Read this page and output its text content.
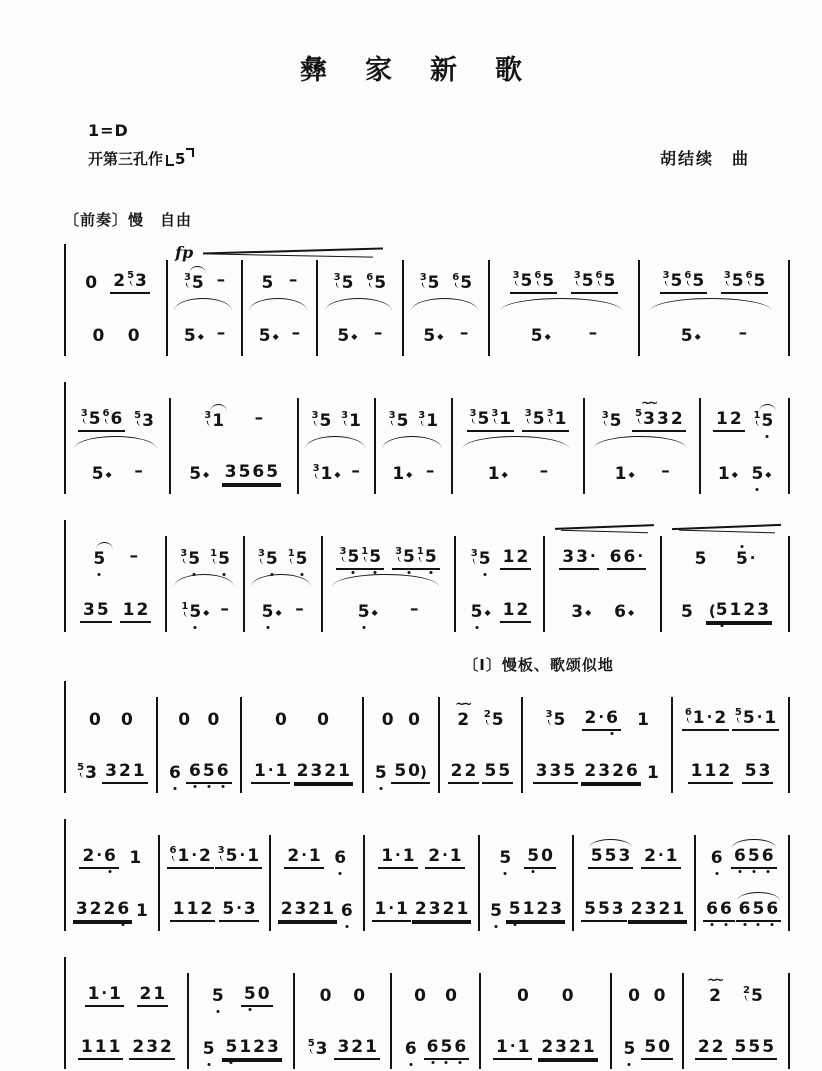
彝家新歌
1=D
开第三孔作 5	胡结续　曲
〔前奏〕慢　自由
0 2 5 3
0 0
fp
3 5 –
5 ◆ –
5 –
5 ◆ –
3 5 6 5
5 ◆ –
3 5 6 5
5 ◆ –
3 5 6 5 3 5 6 5
5 ◆ –
3 5 6 5 3 5 6 5
5 ◆ –
3 5 6 6 5 3
5 ◆ –
3 1 –
5 ◆ 3 5 6 5
3 5 3 1
3 1 ◆ –
3 5 3 1
1 ◆ –
3 5 3 1 3 5 3 1
1 ◆ –
3 5 5 ~~ 3 3 2
1 ◆ –
1 2 1 5
1 ◆ 5 ◆
5 –
3 5 1 2
3 5 1 5
1 5 ◆ –
3 5 1 5
5 ◆ –
3 5 1 5 3 5 1 5
5 ◆ –
3 5 1 2
5 ◆ 1 2
3 3 · 6 6 ·
3 ◆ 6 ◆
5 5 ·
5 ( 5 1 2 3
〔Ⅰ〕慢板、歌颂似地
0 0
5 3 3 2 1
0 0
6 6 5 6
0 0
1 · 1 2 3 2 1
0 0
5 5 0 )
~~ 2 2 5
2 2 5 5
3 5 2 · 6 1
3 3 5 2 3 2 6 1
6 1 · 2 5 5 · 1
1 1 2 5 3
2 · 6 1
3 2 2 6 1
6 1 · 2 3 5 · 1
1 1 2 5 · 3
2 · 1 6
2 3 2 1 6
1 · 1 2 · 1
1 · 1 2 3 2 1
5 5 0
5 5 1 2 3
5 5 3 2 · 1
5 5 3 2 3 2 1
6 6 5 6
6 6 6 5 6
1 · 1 2 1
1 1 1 2 3 2
5 5 0
5 5 1 2 3
0 0
5 3 3 2 1
0 0
6 6 5 6
0 0
1 · 1 2 3 2 1
0 0
5 5 0
~~ 2 2 5
2 2 5 5 5
